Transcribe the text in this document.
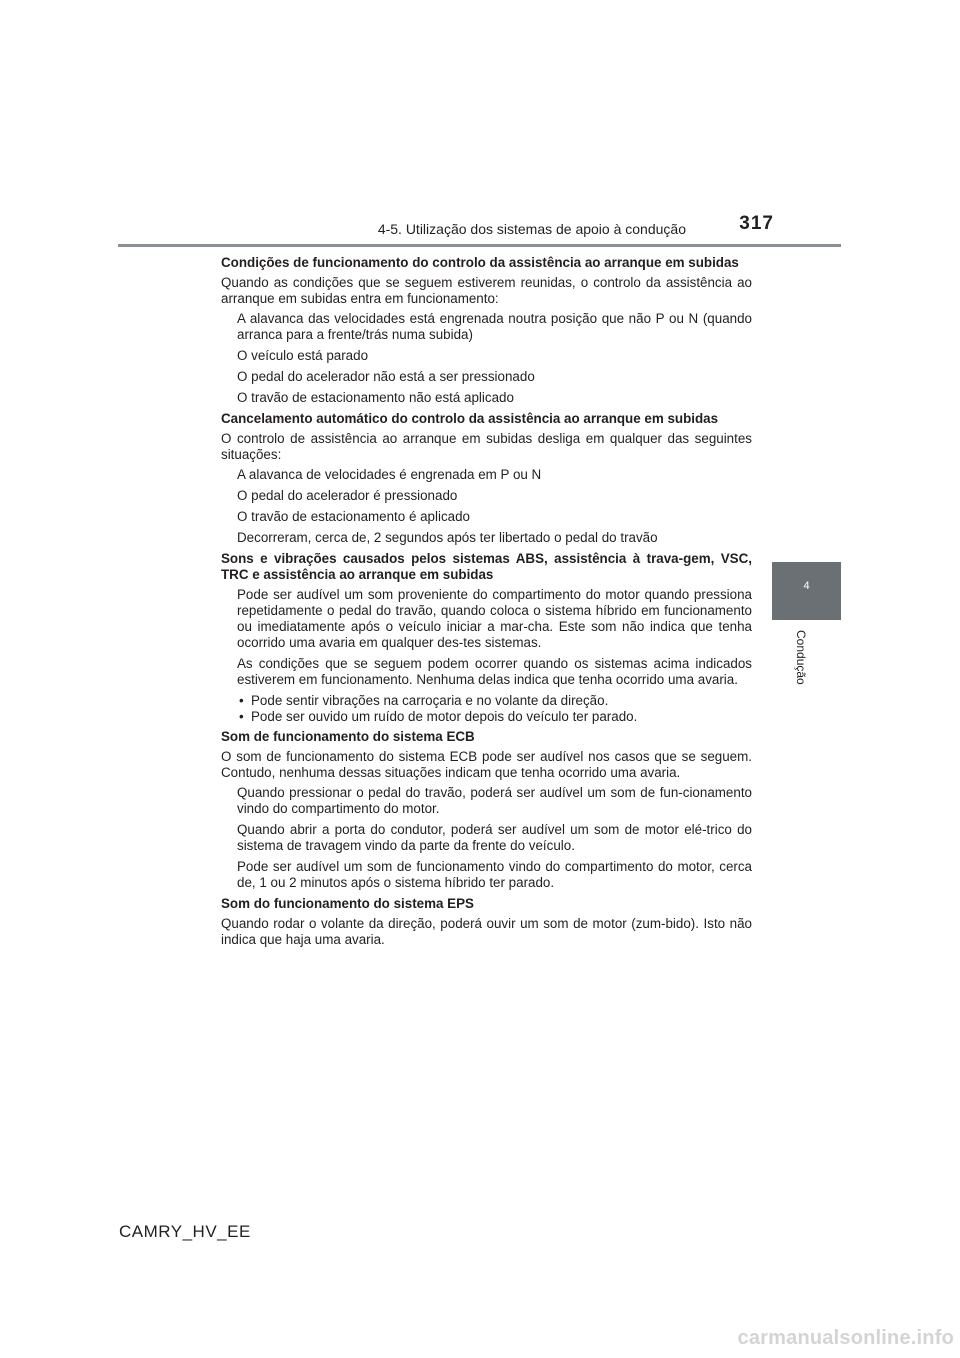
4-5. Utilização dos sistemas de apoio à condução	317
4
Condução

Condições de funcionamento do controlo da assistência ao arranque em subidas

Quando as condições que se seguem estiverem reunidas, o controlo da assistência ao arranque em subidas entra em funcionamento:

A alavanca das velocidades está engrenada noutra posição que não P ou N (quando arranca para a frente/trás numa subida)

O veículo está parado

O pedal do acelerador não está a ser pressionado

O travão de estacionamento não está aplicado

Cancelamento automático do controlo da assistência ao arranque em subidas

O controlo de assistência ao arranque em subidas desliga em qualquer das seguintes situações:

A alavanca de velocidades é engrenada em P ou N

O pedal do acelerador é pressionado

O travão de estacionamento é aplicado

Decorreram, cerca de, 2 segundos após ter libertado o pedal do travão

Sons e vibrações causados pelos sistemas ABS, assistência à trava-gem, VSC, TRC e assistência ao arranque em subidas

Pode ser audível um som proveniente do compartimento do motor quando pressiona repetidamente o pedal do travão, quando coloca o sistema híbrido em funcionamento ou imediatamente após o veículo iniciar a mar-cha. Este som não indica que tenha ocorrido uma avaria em qualquer des-tes sistemas.

As condições que se seguem podem ocorrer quando os sistemas acima indicados estiverem em funcionamento. Nenhuma delas indica que tenha ocorrido uma avaria.

• Pode sentir vibrações na carroçaria e no volante da direção.
• Pode ser ouvido um ruído de motor depois do veículo ter parado.

Som de funcionamento do sistema ECB

O som de funcionamento do sistema ECB pode ser audível nos casos que se seguem. Contudo, nenhuma dessas situações indicam que tenha ocorrido uma avaria.

Quando pressionar o pedal do travão, poderá ser audível um som de fun-cionamento vindo do compartimento do motor.

Quando abrir a porta do condutor, poderá ser audível um som de motor elé-trico do sistema de travagem vindo da parte da frente do veículo.

Pode ser audível um som de funcionamento vindo do compartimento do motor, cerca de, 1 ou 2 minutos após o sistema híbrido ter parado.

Som do funcionamento do sistema EPS

Quando rodar o volante da direção, poderá ouvir um som de motor (zum-bido). Isto não indica que haja uma avaria.

CAMRY_HV_EE
carmanualsonline.info
